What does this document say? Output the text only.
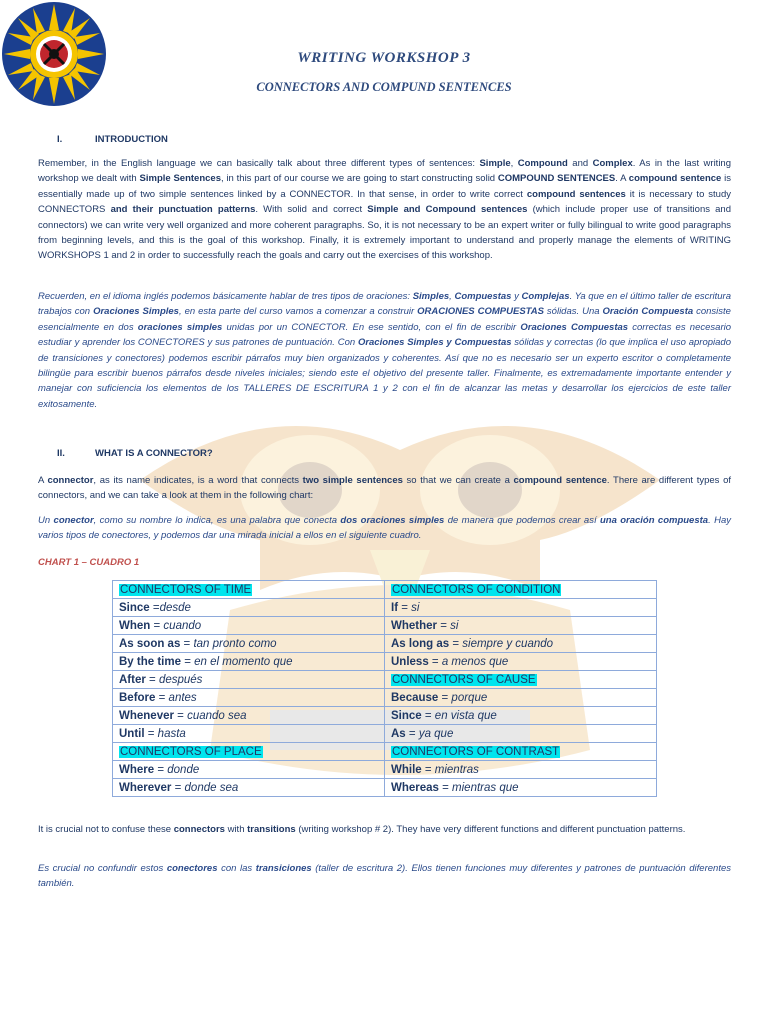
WRITING WORKSHOP 3
CONNECTORS AND COMPUND SENTENCES
I.	INTRODUCTION

Remember, in the English language we can basically talk about three different types of sentences: Simple, Compound and Complex. As in the last writing workshop we dealt with Simple Sentences, in this part of our course we are going to start constructing solid COMPOUND SENTENCES. A compound sentence is essentially made up of two simple sentences linked by a CONNECTOR. In that sense, in order to write correct compound sentences it is necessary to study CONNECTORS and their punctuation patterns. With solid and correct Simple and Compound sentences (which include proper use of transitions and connectors) we can write very well organized and more coherent paragraphs. So, it is not necessary to be an expert writer or fully bilingual to write good paragraphs from beginning levels, and this is the goal of this workshop. Finally, it is extremely important to understand and properly manage the elements of WRITING WORKSHOPS 1 and 2 in order to successfully reach the goals and carry out the exercises of this workshop.

Recuerden, en el idioma inglés podemos básicamente hablar de tres tipos de oraciones: Simples, Compuestas y Complejas. Ya que en el último taller de escritura trabajos con Oraciones Simples, en esta parte del curso vamos a comenzar a construir ORACIONES COMPUESTAS sólidas. Una Oración Compuesta consiste esencialmente en dos oraciones simples unidas por un CONECTOR. En ese sentido, con el fin de escribir Oraciones Compuestas correctas es necesario estudiar y aprender los CONECTORES y sus patrones de puntuación. Con Oraciones Simples y Compuestas sólidas y correctas (lo que implica el uso apropiado de transiciones y conectores) podemos escribir párrafos muy bien organizados y coherentes. Así que no es necesario ser un experto escritor o completamente bilingüe para escribir buenos párrafos desde niveles iniciales; siendo este el objetivo del presente taller. Finalmente, es extremadamente importante entender y manejar con suficiencia los elementos de los TALLERES DE ESCRITURA 1 y 2 con el fin de alcanzar las metas y desarrollar los ejercicios de este taller exitosamente.

II.	WHAT IS A CONNECTOR?

A connector, as its name indicates, is a word that connects two simple sentences so that we can create a compound sentence. There are different types of connectors, and we can take a look at them in the following chart:

Un conector, como su nombre lo indica, es una palabra que conecta dos oraciones simples de manera que podemos crear así una oración compuesta. Hay varios tipos de conectores, y podemos dar una mirada inicial a ellos en el siguiente cuadro.

CHART 1 – CUADRO 1
CONNECTORS OF TIME	CONNECTORS OF CONDITION
Since =desde	If = si
When = cuando	Whether = si
As soon as = tan pronto como	As long as = siempre y cuando
By the time = en el momento que	Unless = a menos que
After = después	CONNECTORS OF CAUSE
Before = antes	Because = porque
Whenever = cuando sea	Since = en vista que
Until = hasta	As = ya que
CONNECTORS OF PLACE	CONNECTORS OF CONTRAST
Where = donde	While = mientras
Wherever = donde sea	Whereas = mientras que

It is crucial not to confuse these connectors with transitions (writing workshop # 2). They have very different functions and different punctuation patterns.

Es crucial no confundir estos conectores con las transiciones (taller de escritura 2). Ellos tienen funciones muy diferentes y patrones de puntuación diferentes también.
